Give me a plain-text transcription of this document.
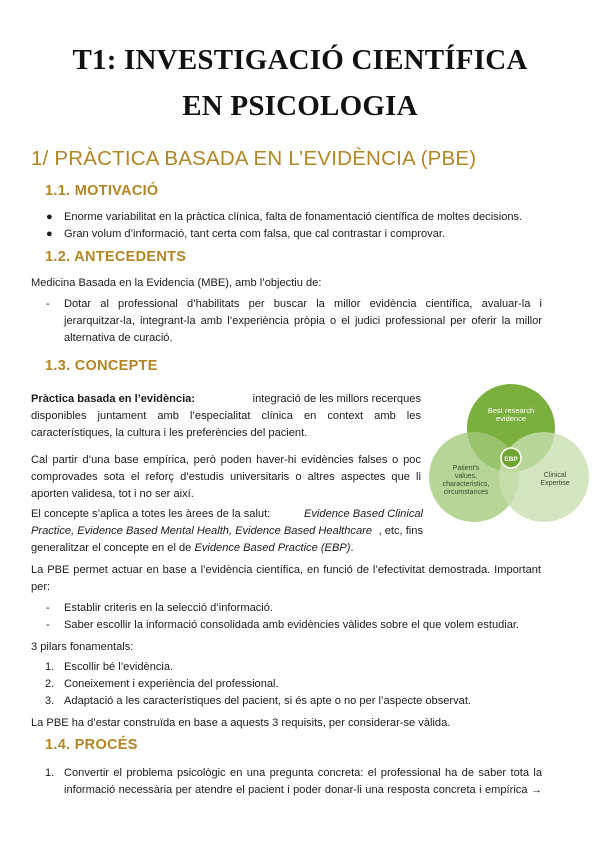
T1: INVESTIGACIÓ CIENTÍFICA
EN PSICOLOGIA
1/ PRÀCTICA BASADA EN L’EVIDÈNCIA (PBE)
1.1. MOTIVACIÓ
● Enorme variabilitat en la pràctica clínica, falta de fonamentació científica de moltes decisions.
● Gran volum d’informació, tant certa com falsa, que cal contrastar i comprovar.
1.2. ANTECEDENTS
Medicina Basada en la Evidencia (MBE), amb l’objectiu de:
- Dotar al professional d’habilitats per buscar la millor evidència científica, avaluar-la i
jerarquitzar-la, integrant-la amb l’experiència pròpia o el judici professional per oferir la millor
alternativa de curació.
1.3. CONCEPTE
Pràctica basada en l’evidència:	integració de les millors recerques
disponibles juntament amb l’especialitat clínica en context amb les
característiques, la cultura i les preferències del pacient.
Cal partir d’una base empírica, però poden haver-hi evidències falses o poc
comprovades sota el reforç d’estudis universitaris o altres aspectes que li
aporten validesa, tot i no ser així.
El concepte s’aplica a totes les àrees de la salut:	Evidence Based Clinical
Practice, Evidence Based Mental Health, Evidence Based Healthcare , etc, fins
generalitzar el concepte en el de Evidence Based Practice (EBP).
Best research
evidence
EBP
Patient's
values,
characteristics,
circumstances
Clinical
Expertise
La PBE permet actuar en base a l’evidència científica, en funció de l’efectivitat demostrada. Important
per:
- Establir criteris en la selecció d’informació.
- Saber escollir la informació consolidada amb evidències vàlides sobre el que volem estudiar.
3 pilars fonamentals:
1. Escollir bé l’evidència.
2. Coneixement i experiència del professional.
3. Adaptació a les característiques del pacient, si és apte o no per l’aspecte observat.
La PBE ha d’estar construïda en base a aquests 3 requisits, per considerar-se vàlida.
1.4. PROCÉS
1. Convertir el problema psicològic en una pregunta concreta: el professional ha de saber tota la
informació necessària per atendre el pacient i poder donar-li una resposta concreta i empírica →
